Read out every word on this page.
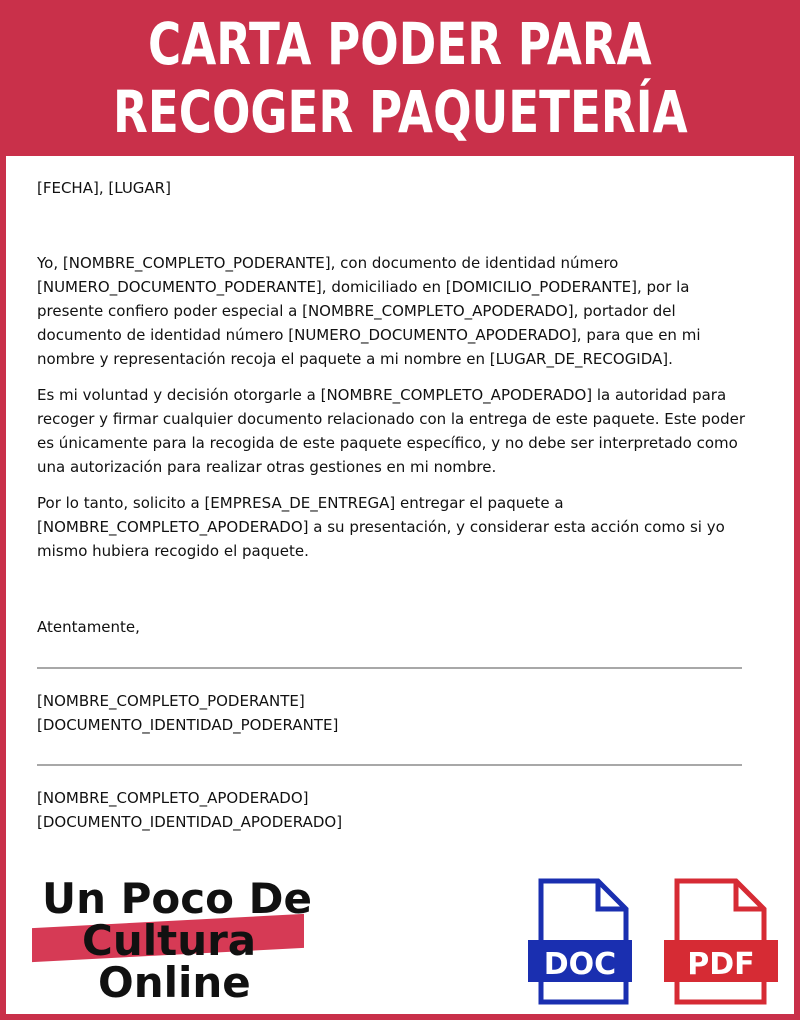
CARTA PODER PARA
RECOGER PAQUETERÍA

[FECHA], [LUGAR]

Yo, [NOMBRE_COMPLETO_PODERANTE], con documento de identidad número [NUMERO_DOCUMENTO_PODERANTE], domiciliado en [DOMICILIO_PODERANTE], por la presente confiero poder especial a [NOMBRE_COMPLETO_APODERADO], portador del documento de identidad número [NUMERO_DOCUMENTO_APODERADO], para que en mi nombre y representación recoja el paquete a mi nombre en [LUGAR_DE_RECOGIDA].

Es mi voluntad y decisión otorgarle a [NOMBRE_COMPLETO_APODERADO] la autoridad para recoger y firmar cualquier documento relacionado con la entrega de este paquete. Este poder es únicamente para la recogida de este paquete específico, y no debe ser interpretado como una autorización para realizar otras gestiones en mi nombre.

Por lo tanto, solicito a [EMPRESA_DE_ENTREGA] entregar el paquete a [NOMBRE_COMPLETO_APODERADO] a su presentación, y considerar esta acción como si yo mismo hubiera recogido el paquete.

Atentamente,

[NOMBRE_COMPLETO_PODERANTE]

[DOCUMENTO_IDENTIDAD_PODERANTE]

[NOMBRE_COMPLETO_APODERADO]

[DOCUMENTO_IDENTIDAD_APODERADO]

Un Poco De
Cultura
Online	DOC PDF
